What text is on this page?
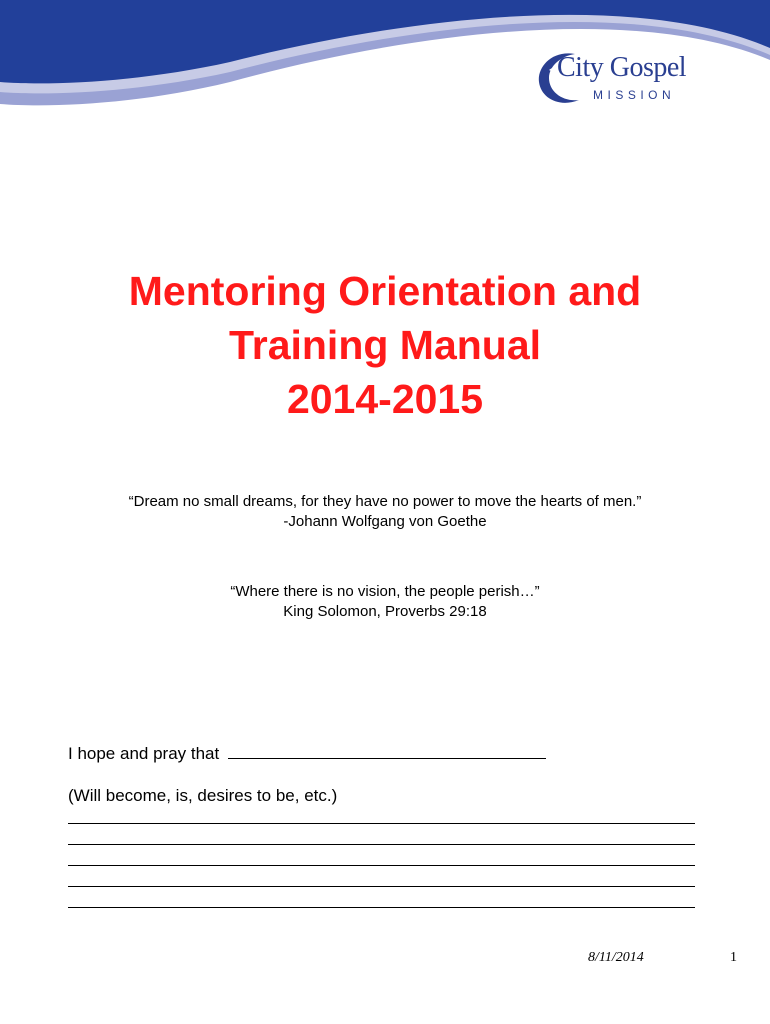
City Gospel
MISSION
Mentoring Orientation and
Training Manual
2014-2015
“Dream no small dreams, for they have no power to move the hearts of men.”
-Johann Wolfgang von Goethe
“Where there is no vision, the people perish…”
King Solomon, Proverbs 29:18
I hope and pray that
(Will become, is, desires to be, etc.)
8/11/2014	1
